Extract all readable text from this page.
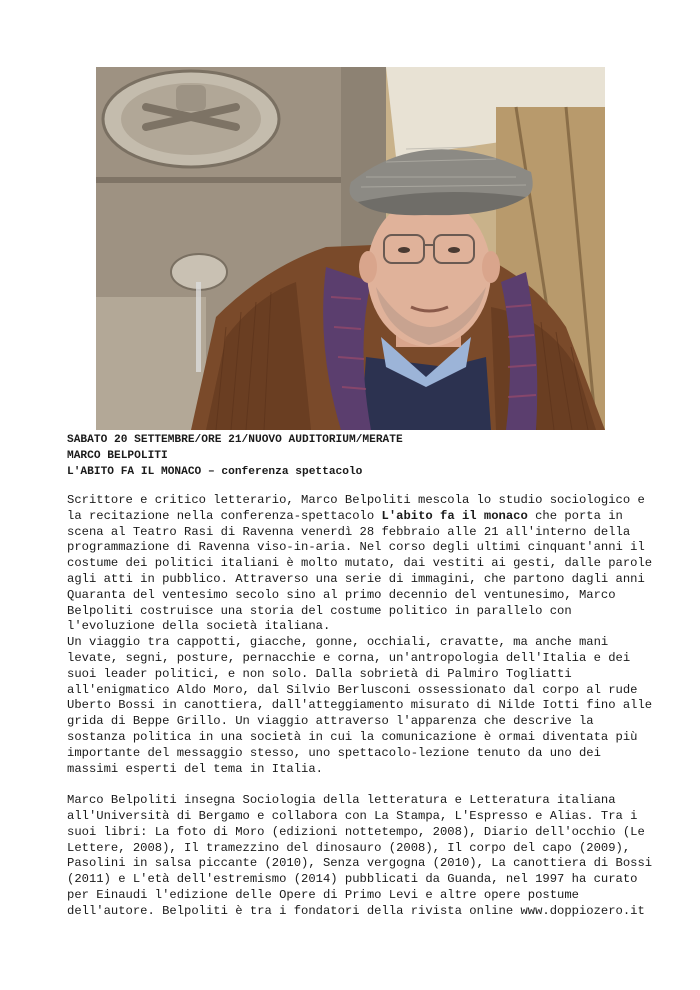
SABATO 20 SETTEMBRE/ORE 21/NUOVO AUDITORIUM/MERATE
MARCO BELPOLITI
L'ABITO FA IL MONACO – conferenza spettacolo
Scrittore e critico letterario, Marco Belpoliti mescola lo studio sociologico e
la recitazione nella conferenza-spettacolo L'abito fa il monaco che porta in
scena al Teatro Rasi di Ravenna venerdì 28 febbraio alle 21 all'interno della
programmazione di Ravenna viso-in-aria. Nel corso degli ultimi cinquant'anni il
costume dei politici italiani è molto mutato, dai vestiti ai gesti, dalle parole
agli atti in pubblico. Attraverso una serie di immagini, che partono dagli anni
Quaranta del ventesimo secolo sino al primo decennio del ventunesimo, Marco
Belpoliti costruisce una storia del costume politico in parallelo con
l'evoluzione della società italiana.
Un viaggio tra cappotti, giacche, gonne, occhiali, cravatte, ma anche mani
levate, segni, posture, pernacchie e corna, un'antropologia dell'Italia e dei
suoi leader politici, e non solo. Dalla sobrietà di Palmiro Togliatti
all'enigmatico Aldo Moro, dal Silvio Berlusconi ossessionato dal corpo al rude
Uberto Bossi in canottiera, dall'atteggiamento misurato di Nilde Iotti fino alle
grida di Beppe Grillo. Un viaggio attraverso l'apparenza che descrive la
sostanza politica in una società in cui la comunicazione è ormai diventata più
importante del messaggio stesso, uno spettacolo-lezione tenuto da uno dei
massimi esperti del tema in Italia.
Marco Belpoliti insegna Sociologia della letteratura e Letteratura italiana
all'Università di Bergamo e collabora con La Stampa, L'Espresso e Alias. Tra i
suoi libri: La foto di Moro (edizioni nottetempo, 2008), Diario dell'occhio (Le
Lettere, 2008), Il tramezzino del dinosauro (2008), Il corpo del capo (2009),
Pasolini in salsa piccante (2010), Senza vergogna (2010), La canottiera di Bossi
(2011) e L'età dell'estremismo (2014) pubblicati da Guanda, nel 1997 ha curato
per Einaudi l'edizione delle Opere di Primo Levi e altre opere postume
dell'autore. Belpoliti è tra i fondatori della rivista online www.doppiozero.it
